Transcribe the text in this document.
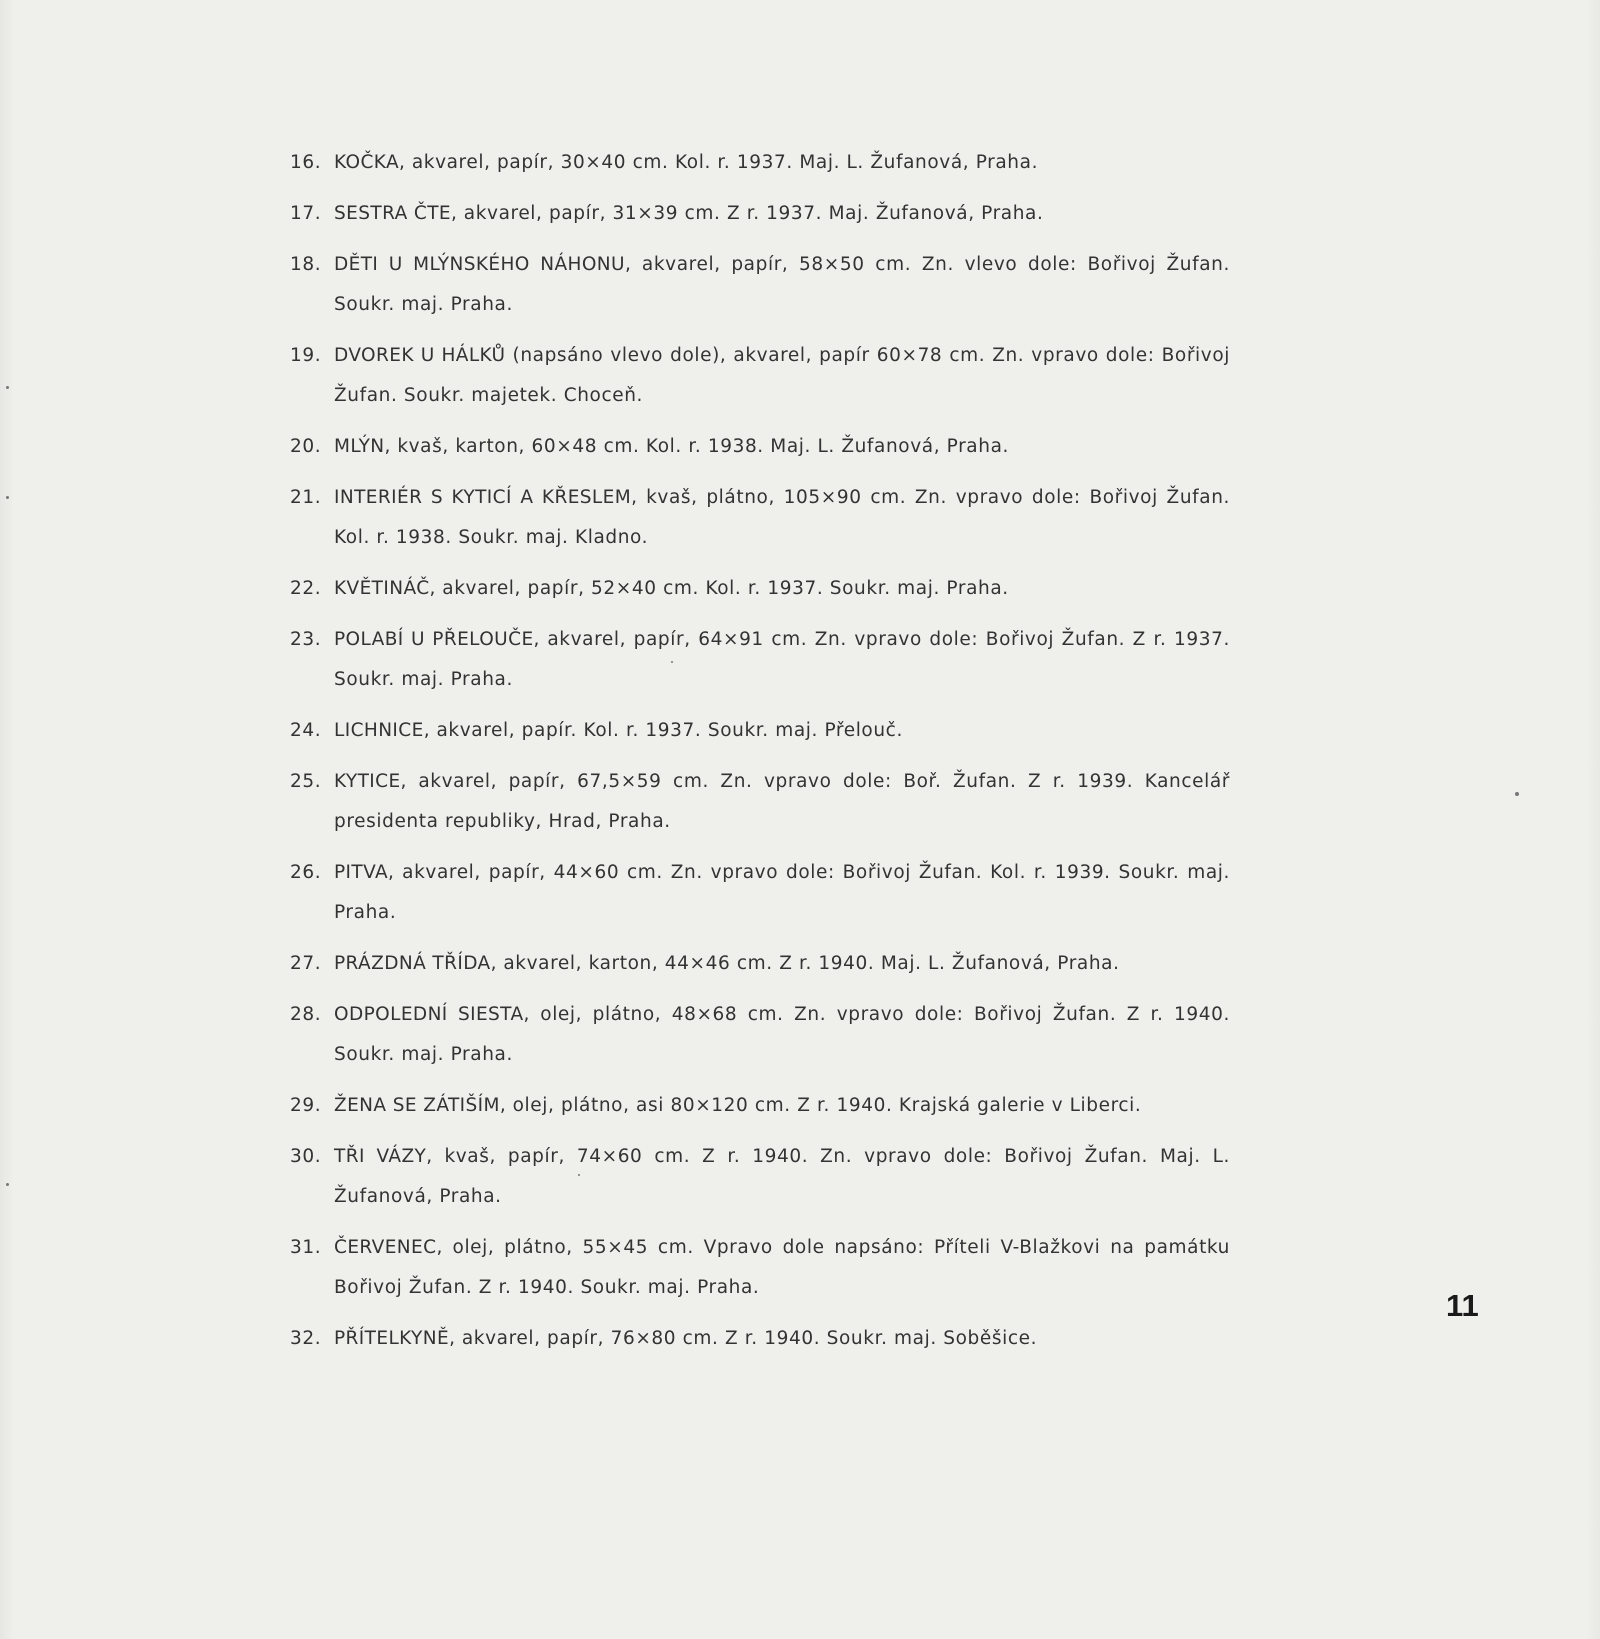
16. KOČKA, akvarel, papír, 30×40 cm. Kol. r. 1937. Maj. L. Žufanová, Praha.
17. SESTRA ČTE, akvarel, papír, 31×39 cm. Z r. 1937. Maj. Žufanová, Praha.
18. DĚTI U MLÝNSKÉHO NÁHONU, akvarel, papír, 58×50 cm. Zn. vlevo dole: Bořivoj Žufan. Soukr. maj. Praha.
19. DVOREK U HÁLKŮ (napsáno vlevo dole), akvarel, papír 60×78 cm. Zn. vpravo dole: Bořivoj Žufan. Soukr. majetek. Choceň.
20. MLÝN, kvaš, karton, 60×48 cm. Kol. r. 1938. Maj. L. Žufanová, Praha.
21. INTERIÉR S KYTICÍ A KŘESLEM, kvaš, plátno, 105×90 cm. Zn. vpravo dole: Bořivoj Žufan. Kol. r. 1938. Soukr. maj. Kladno.
22. KVĚTINÁČ, akvarel, papír, 52×40 cm. Kol. r. 1937. Soukr. maj. Praha.
23. POLABÍ U PŘELOUČE, akvarel, papír, 64×91 cm. Zn. vpravo dole: Bořivoj Žufan. Z r. 1937. Soukr. maj. Praha.
24. LICHNICE, akvarel, papír. Kol. r. 1937. Soukr. maj. Přelouč.
25. KYTICE, akvarel, papír, 67,5×59 cm. Zn. vpravo dole: Boř. Žufan. Z r. 1939. Kancelář presidenta republiky, Hrad, Praha.
26. PITVA, akvarel, papír, 44×60 cm. Zn. vpravo dole: Bořivoj Žufan. Kol. r. 1939. Soukr. maj. Praha.
27. PRÁZDNÁ TŘÍDA, akvarel, karton, 44×46 cm. Z r. 1940. Maj. L. Žufanová, Praha.
28. ODPOLEDNÍ SIESTA, olej, plátno, 48×68 cm. Zn. vpravo dole: Bořivoj Žufan. Z r. 1940. Soukr. maj. Praha.
29. ŽENA SE ZÁTIŠÍM, olej, plátno, asi 80×120 cm. Z r. 1940. Krajská galerie v Liberci.
30. TŘI VÁZY, kvaš, papír, 74×60 cm. Z r. 1940. Zn. vpravo dole: Bořivoj Žufan. Maj. L. Žufanová, Praha.
31. ČERVENEC, olej, plátno, 55×45 cm. Vpravo dole napsáno: Příteli V-Blažkovi na památku Bořivoj Žufan. Z r. 1940. Soukr. maj. Praha.
32. PŘÍTELKYNĚ, akvarel, papír, 76×80 cm. Z r. 1940. Soukr. maj. Soběšice.
11
